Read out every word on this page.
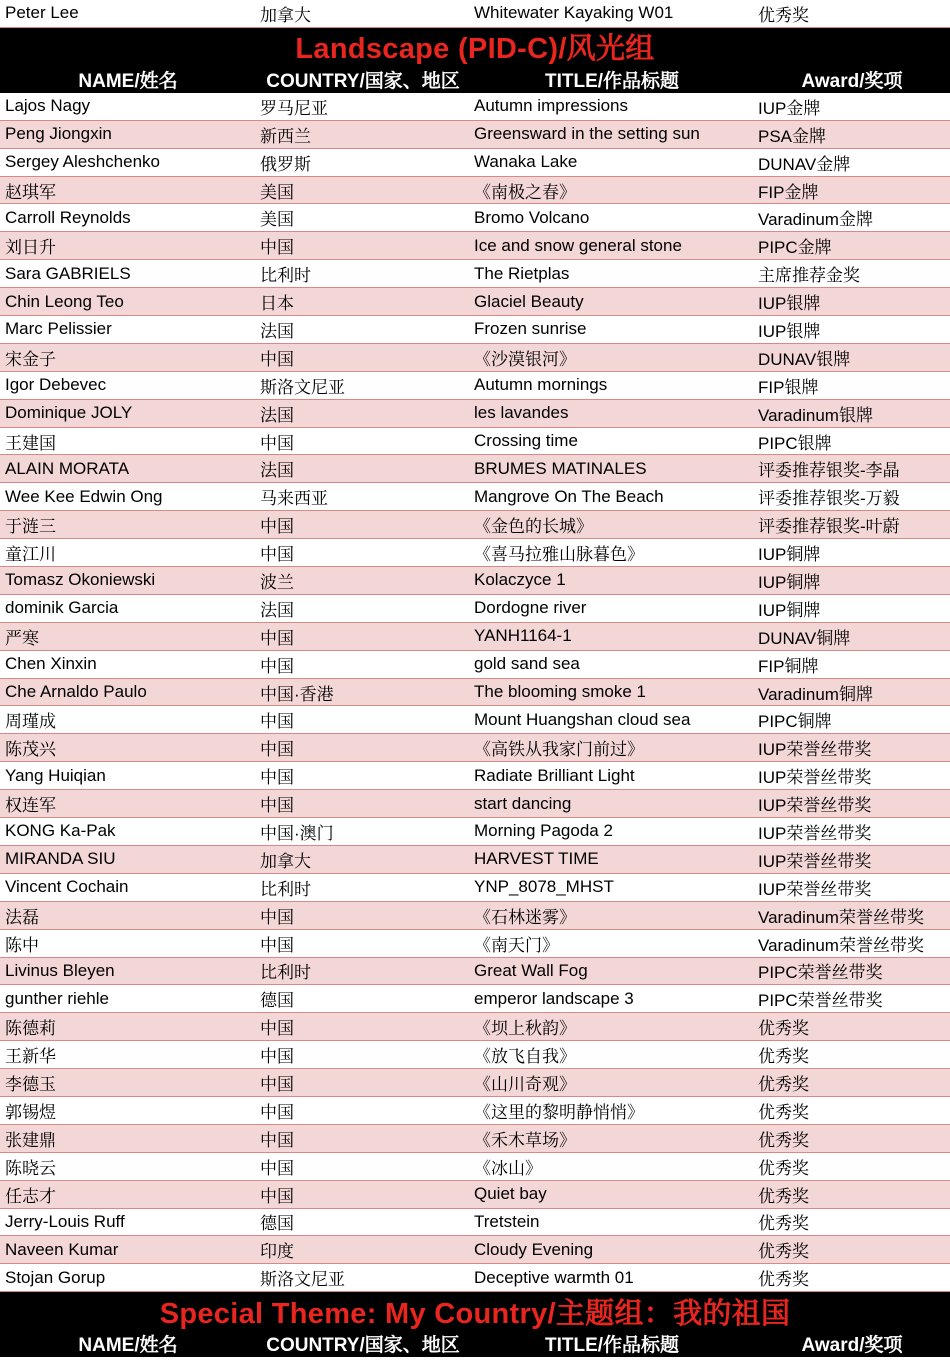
Peter Lee	加拿大	Whitewater Kayaking W01	优秀奖
Landscape (PID-C)/风光组
NAME/姓名	COUNTRY/国家、地区	TITLE/作品标题	Award/奖项
Lajos Nagy	罗马尼亚	Autumn impressions	IUP金牌
Peng Jiongxin	新西兰	Greensward in the setting sun	PSA金牌
Sergey Aleshchenko	俄罗斯	Wanaka Lake	DUNAV金牌
赵琪军	美国	《南极之春》	FIP金牌
Carroll Reynolds	美国	Bromo Volcano	Varadinum金牌
刘日升	中国	Ice and snow general stone	PIPC金牌
Sara GABRIELS	比利时	The Rietplas	主席推荐金奖
Chin Leong Teo	日本	Glaciel Beauty	IUP银牌
Marc Pelissier	法国	Frozen sunrise	IUP银牌
宋金子	中国	《沙漠银河》	DUNAV银牌
Igor Debevec	斯洛文尼亚	Autumn mornings	FIP银牌
Dominique JOLY	法国	les lavandes	Varadinum银牌
王建国	中国	Crossing time	PIPC银牌
ALAIN MORATA	法国	BRUMES MATINALES	评委推荐银奖-李晶
Wee Kee Edwin Ong	马来西亚	Mangrove On The Beach	评委推荐银奖-万毅
于涟三	中国	《金色的长城》	评委推荐银奖-叶蔚
童江川	中国	《喜马拉雅山脉暮色》	IUP铜牌
Tomasz Okoniewski	波兰	Kolaczyce 1	IUP铜牌
dominik Garcia	法国	Dordogne river	IUP铜牌
严寒	中国	YANH1164-1	DUNAV铜牌
Chen Xinxin	中国	gold sand sea	FIP铜牌
Che Arnaldo Paulo	中国·香港	The blooming smoke 1	Varadinum铜牌
周瑾成	中国	Mount Huangshan cloud sea	PIPC铜牌
陈茂兴	中国	《高铁从我家门前过》	IUP荣誉丝带奖
Yang Huiqian	中国	Radiate Brilliant Light	IUP荣誉丝带奖
权连军	中国	start dancing	IUP荣誉丝带奖
KONG Ka-Pak	中国·澳门	Morning Pagoda 2	IUP荣誉丝带奖
MIRANDA SIU	加拿大	HARVEST TIME	IUP荣誉丝带奖
Vincent Cochain	比利时	YNP_8078_MHST	IUP荣誉丝带奖
法磊	中国	《石林迷雾》	Varadinum荣誉丝带奖
陈中	中国	《南天门》	Varadinum荣誉丝带奖
Livinus Bleyen	比利时	Great Wall Fog	PIPC荣誉丝带奖
gunther riehle	德国	emperor landscape 3	PIPC荣誉丝带奖
陈德莉	中国	《坝上秋韵》	优秀奖
王新华	中国	《放飞自我》	优秀奖
李德玉	中国	《山川奇观》	优秀奖
郭锡煜	中国	《这里的黎明静悄悄》	优秀奖
张建鼎	中国	《禾木草场》	优秀奖
陈晓云	中国	《冰山》	优秀奖
任志才	中国	Quiet bay	优秀奖
Jerry-Louis Ruff	德国	Tretstein	优秀奖
Naveen Kumar	印度	Cloudy Evening	优秀奖
Stojan Gorup	斯洛文尼亚	Deceptive warmth 01	优秀奖
Special Theme: My Country/主题组：我的祖国
NAME/姓名	COUNTRY/国家、地区	TITLE/作品标题	Award/奖项
